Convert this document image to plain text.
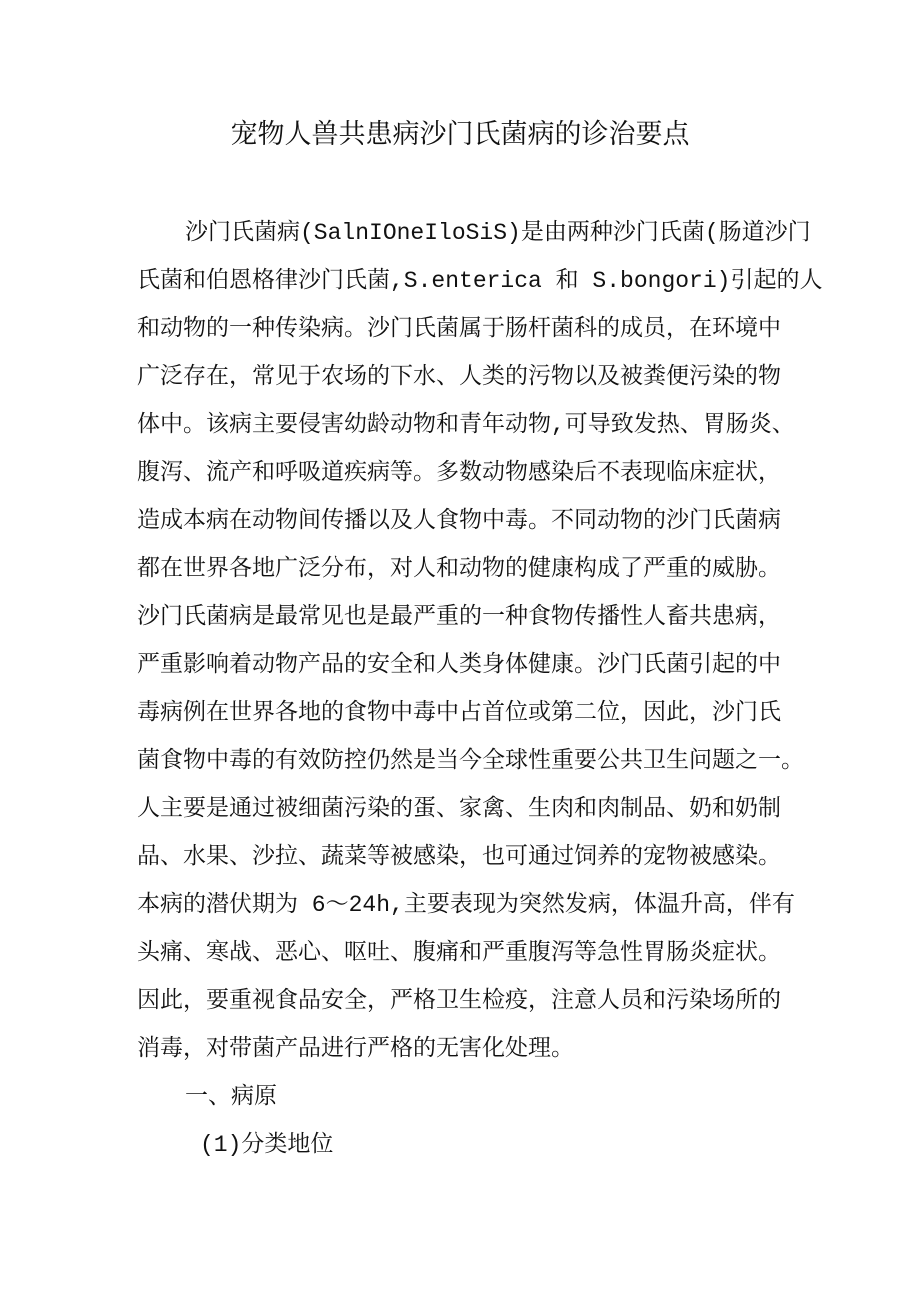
宠物人兽共患病沙门氏菌病的诊治要点
沙门氏菌病(SalnIOneIloSiS)是由两种沙门氏菌(肠道沙门
氏菌和伯恩格律沙门氏菌,S.enterica 和 S.bongori)引起的人
和动物的一种传染病。沙门氏菌属于肠杆菌科的成员，在环境中
广泛存在，常见于农场的下水、人类的污物以及被粪便污染的物
体中。该病主要侵害幼龄动物和青年动物,可导致发热、胃肠炎、
腹泻、流产和呼吸道疾病等。多数动物感染后不表现临床症状，
造成本病在动物间传播以及人食物中毒。不同动物的沙门氏菌病
都在世界各地广泛分布，对人和动物的健康构成了严重的威胁。
沙门氏菌病是最常见也是最严重的一种食物传播性人畜共患病，
严重影响着动物产品的安全和人类身体健康。沙门氏菌引起的中
毒病例在世界各地的食物中毒中占首位或第二位，因此，沙门氏
菌食物中毒的有效防控仍然是当今全球性重要公共卫生问题之一。
人主要是通过被细菌污染的蛋、家禽、生肉和肉制品、奶和奶制
品、水果、沙拉、蔬菜等被感染，也可通过饲养的宠物被感染。
本病的潜伏期为 6～24h,主要表现为突然发病，体温升高，伴有
头痛、寒战、恶心、呕吐、腹痛和严重腹泻等急性胃肠炎症状。
因此，要重视食品安全，严格卫生检疫，注意人员和污染场所的
消毒，对带菌产品进行严格的无害化处理。
一、病原
(1)分类地位
